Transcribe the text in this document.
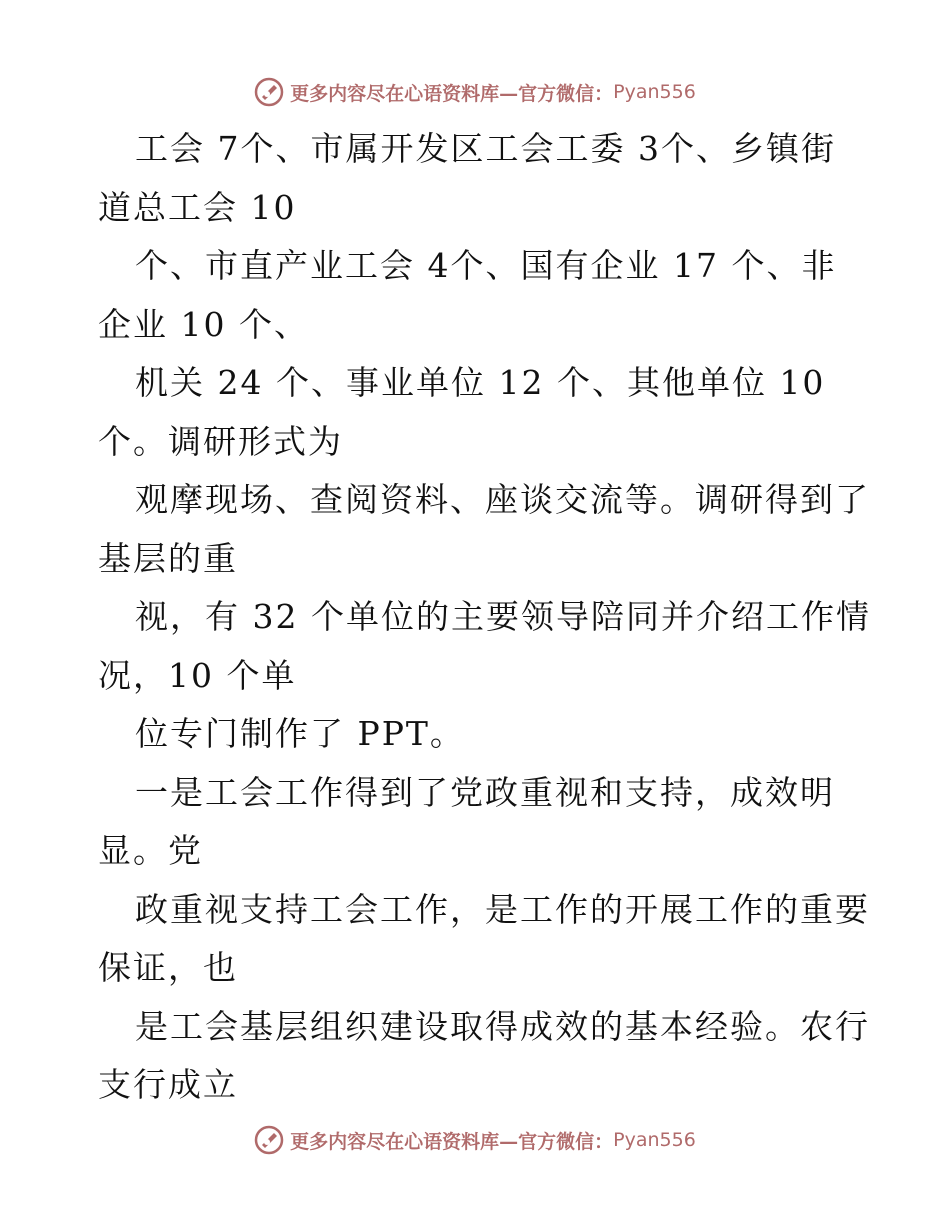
更多内容尽在心语资料库—官方微信： Pyan556
工会 7个、市属开发区工会工委 3个、乡镇街
道总工会 10
个、市直产业工会 4个、国有企业 17 个、非
企业 10 个、
机关 24 个、事业单位 12 个、其他单位 10
个。调研形式为
观摩现场、查阅资料、座谈交流等。调研得到了
基层的重
视，有 32 个单位的主要领导陪同并介绍工作情
况，10 个单
位专门制作了 PPT。
一是工会工作得到了党政重视和支持，成效明
显。党
政重视支持工会工作，是工作的开展工作的重要
保证，也
是工会基层组织建设取得成效的基本经验。农行
支行成立
更多内容尽在心语资料库—官方微信： Pyan556
